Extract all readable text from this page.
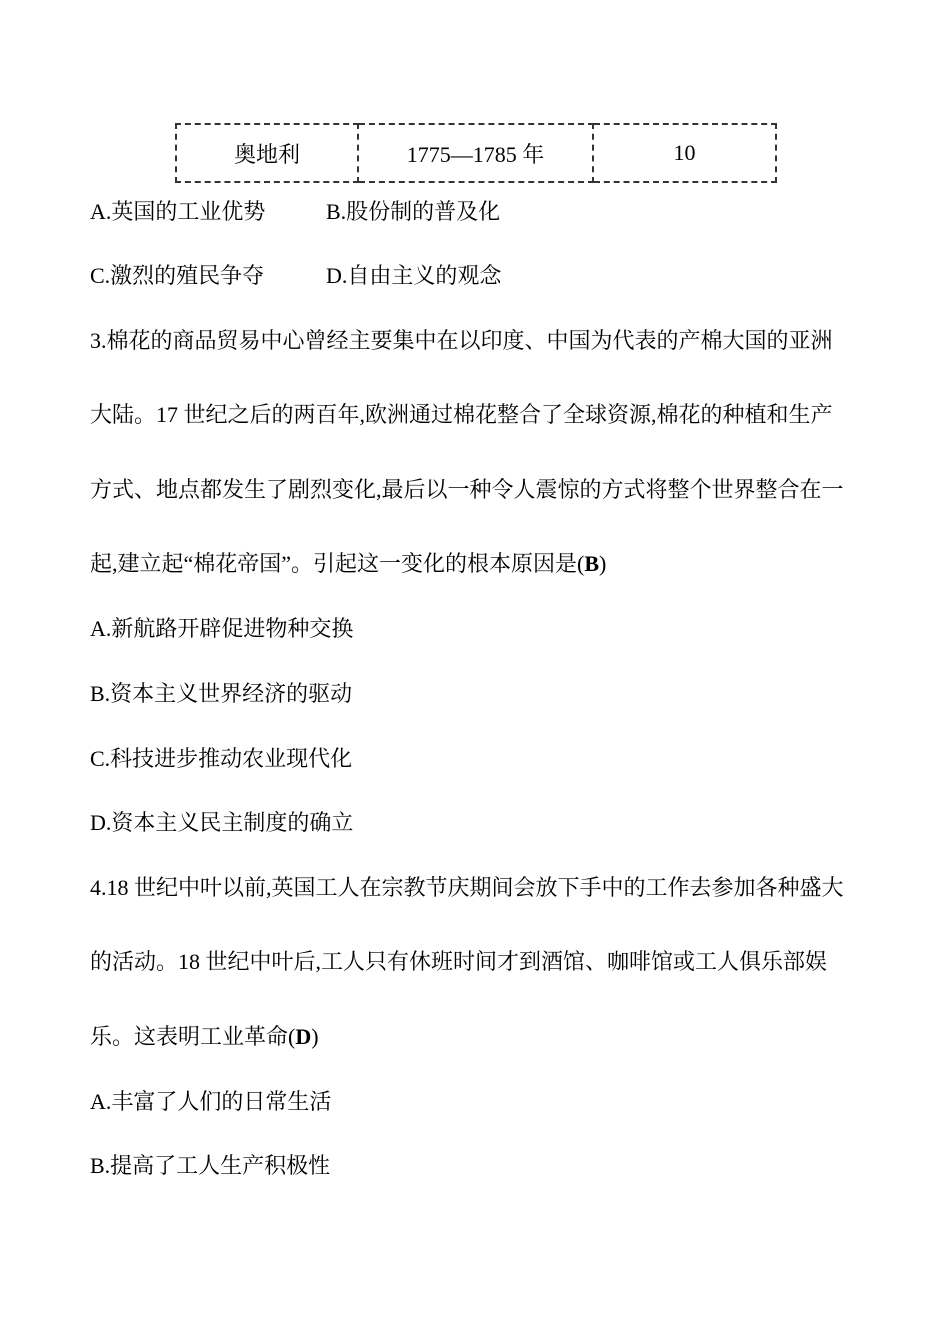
奥地利	1775—1785 年	10
A.英国的工业优势	B.股份制的普及化
C.激烈的殖民争夺	D.自由主义的观念
3.棉花的商品贸易中心曾经主要集中在以印度、中国为代表的产棉大国的亚洲
大陆。17 世纪之后的两百年,欧洲通过棉花整合了全球资源,棉花的种植和生产
方式、地点都发生了剧烈变化,最后以一种令人震惊的方式将整个世界整合在一
起,建立起“棉花帝国”。引起这一变化的根本原因是(B)
A.新航路开辟促进物种交换
B.资本主义世界经济的驱动
C.科技进步推动农业现代化
D.资本主义民主制度的确立
4.18 世纪中叶以前,英国工人在宗教节庆期间会放下手中的工作去参加各种盛大
的活动。18 世纪中叶后,工人只有休班时间才到酒馆、咖啡馆或工人俱乐部娱
乐。这表明工业革命(D)
A.丰富了人们的日常生活
B.提高了工人生产积极性
